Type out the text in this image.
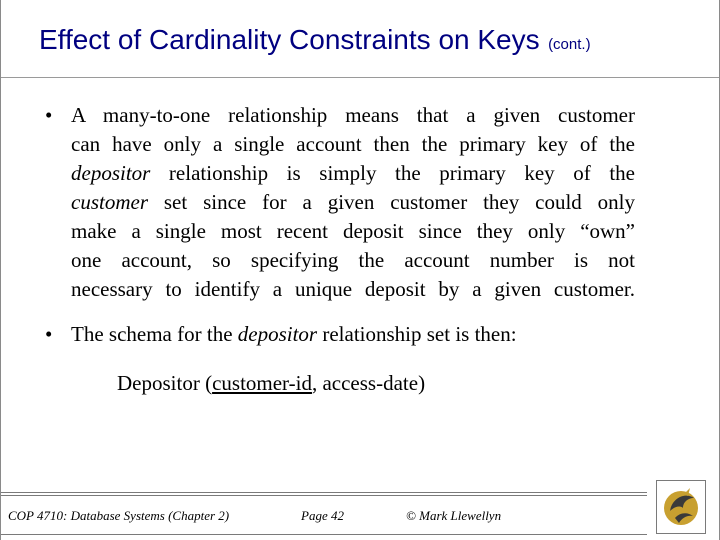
Effect of Cardinality Constraints on Keys (cont.)
• A many-to-one relationship means that a given customer
can have only a single account then the primary key of the
depositor relationship is simply the primary key of the
customer set since for a given customer they could only
make a single most recent deposit since they only “own”
one account, so specifying the account number is not
necessary to identify a unique deposit by a given customer.
• The schema for the depositor relationship set is then:
Depositor (customer-id, access-date)
COP 4710: Database Systems (Chapter 2)	Page 42	© Mark Llewellyn
